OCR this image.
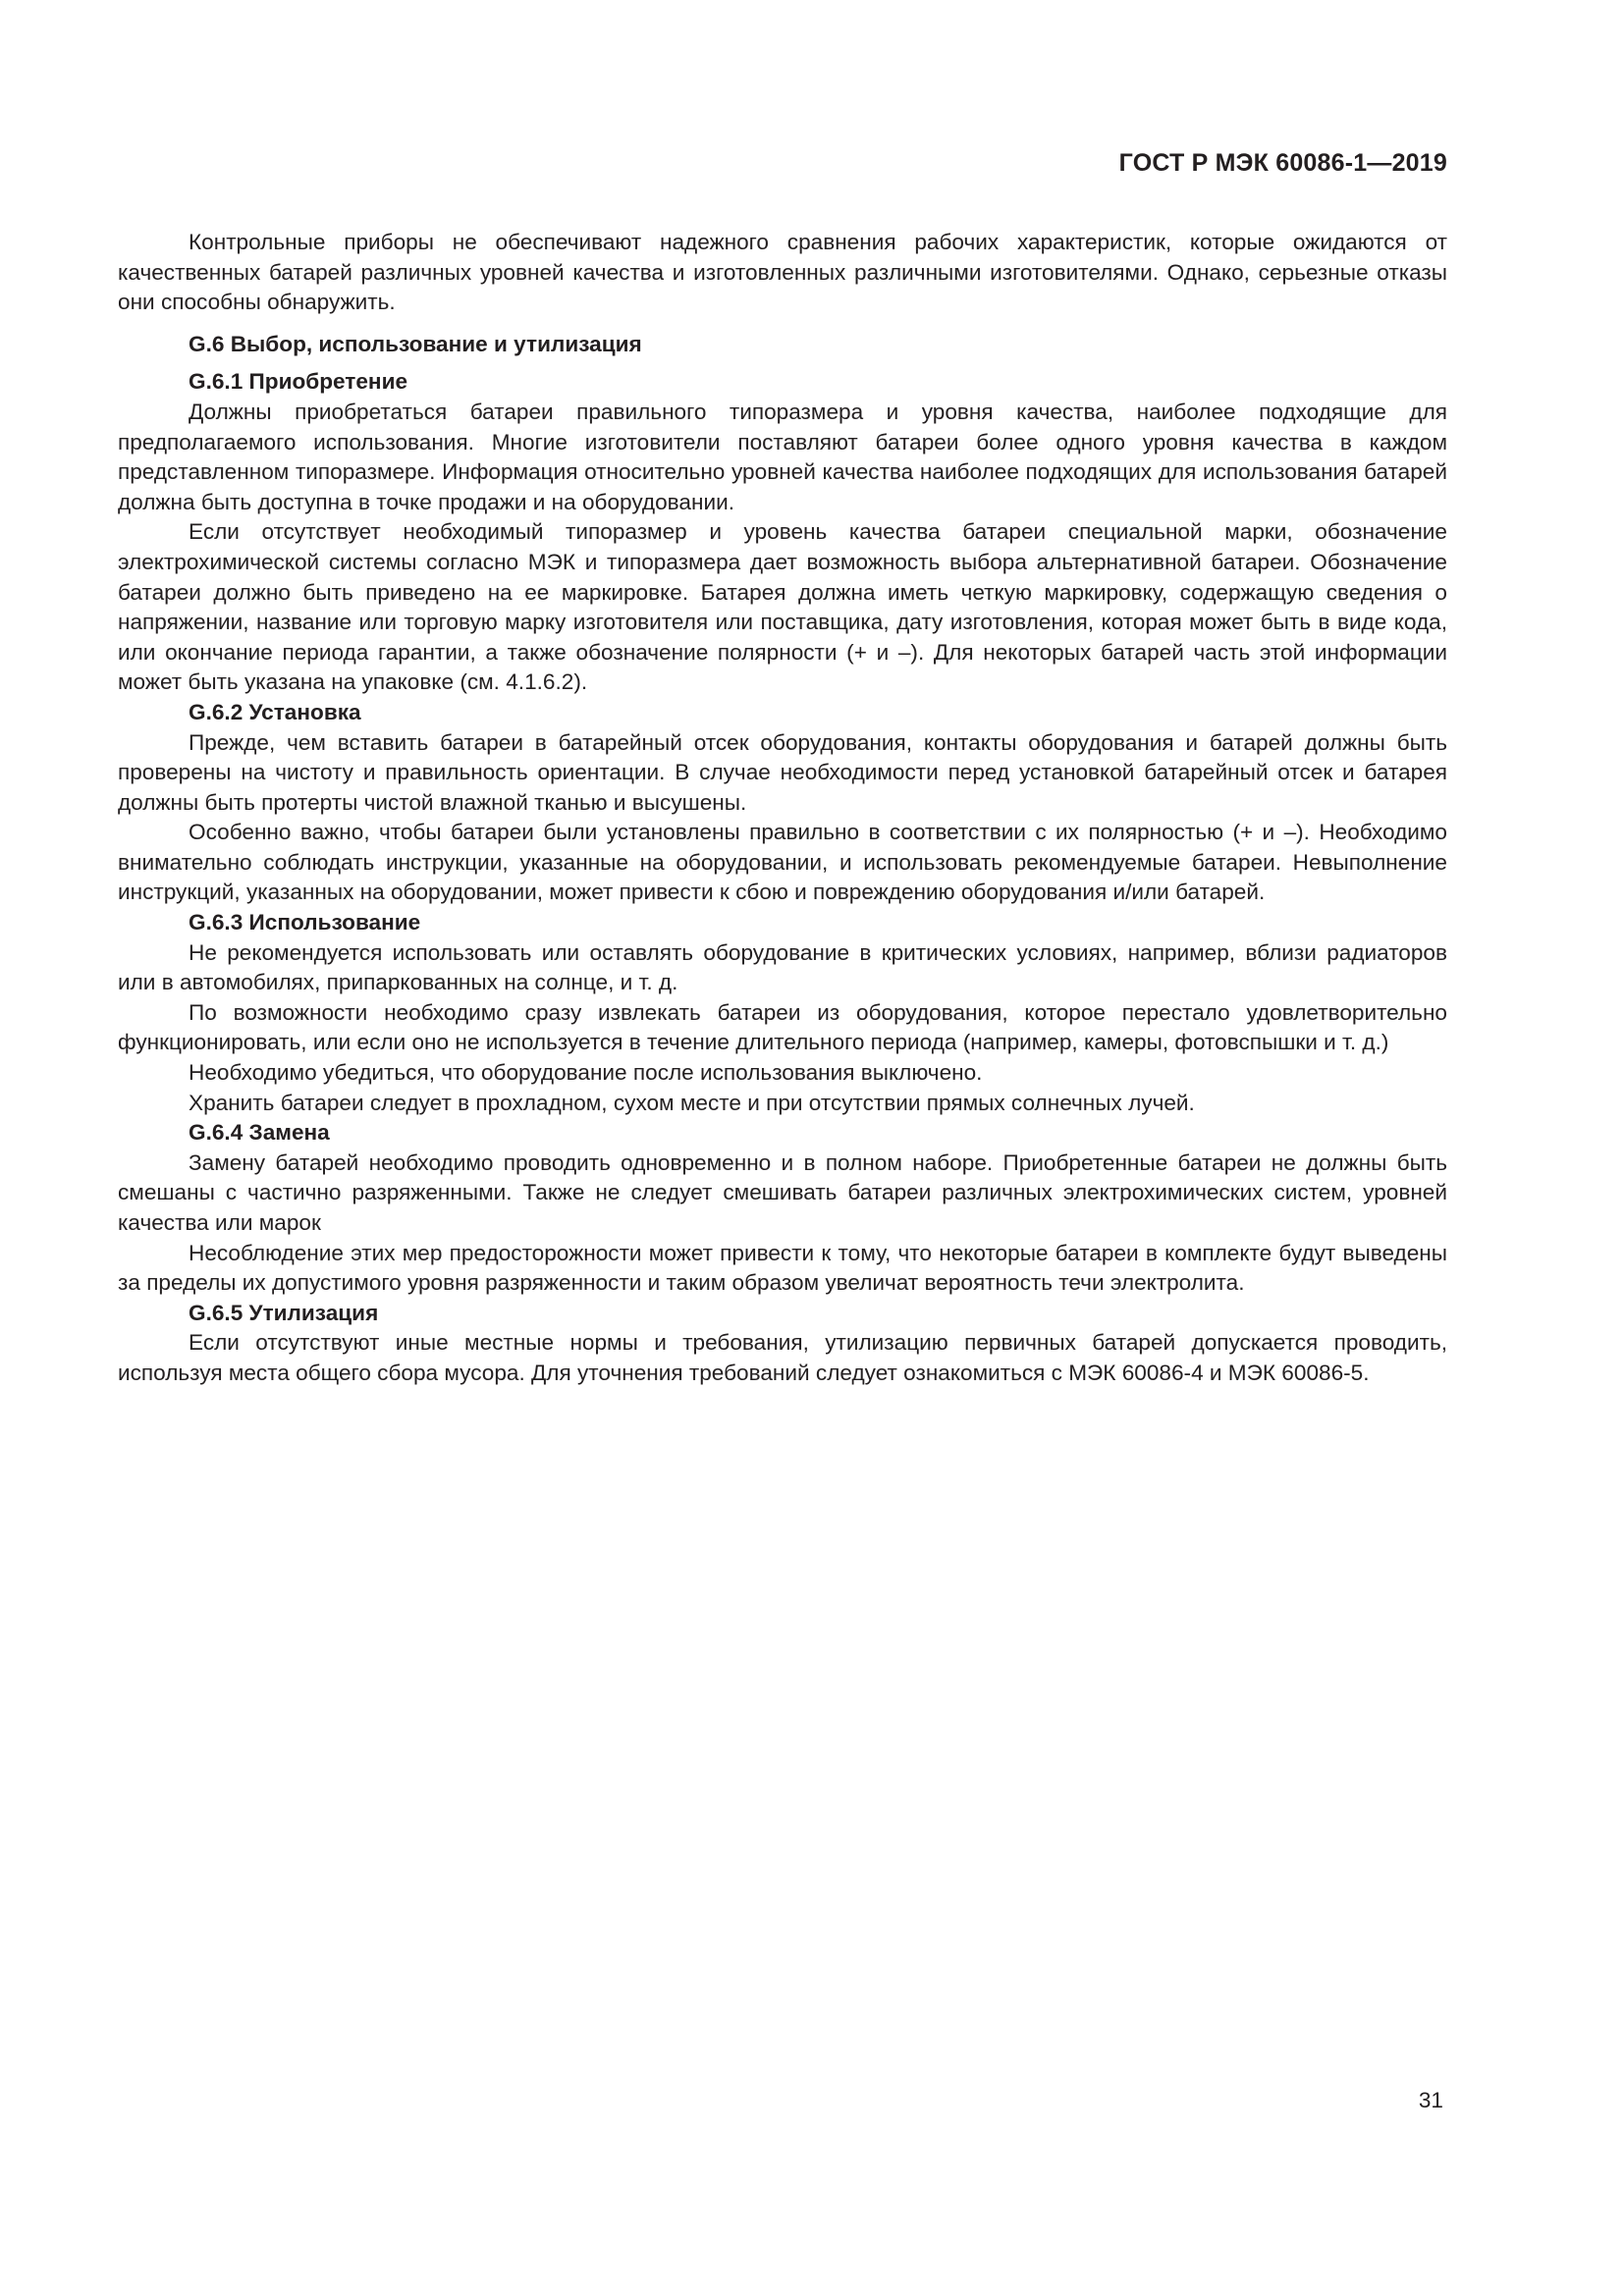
ГОСТ Р МЭК 60086-1—2019

Контрольные приборы не обеспечивают надежного сравнения рабочих характеристик, которые ожидаются от качественных батарей различных уровней качества и изготовленных различными изготовителями. Однако, серьезные отказы они способны обнаружить.

G.6 Выбор, использование и утилизация
G.6.1 Приобретение

Должны приобретаться батареи правильного типоразмера и уровня качества, наиболее подходящие для предполагаемого использования. Многие изготовители поставляют батареи более одного уровня качества в каждом представленном типоразмере. Информация относительно уровней качества наиболее подходящих для использования батарей должна быть доступна в точке продажи и на оборудовании.

Если отсутствует необходимый типоразмер и уровень качества батареи специальной марки, обозначение электрохимической системы согласно МЭК и типоразмера дает возможность выбора альтернативной батареи. Обозначение батареи должно быть приведено на ее маркировке. Батарея должна иметь четкую маркировку, содержащую сведения о напряжении, название или торговую марку изготовителя или поставщика, дату изготовления, которая может быть в виде кода, или окончание периода гарантии, а также обозначение полярности (+ и –). Для некоторых батарей часть этой информации может быть указана на упаковке (см. 4.1.6.2).

G.6.2 Установка

Прежде, чем вставить батареи в батарейный отсек оборудования, контакты оборудования и батарей должны быть проверены на чистоту и правильность ориентации. В случае необходимости перед установкой батарейный отсек и батарея должны быть протерты чистой влажной тканью и высушены.

Особенно важно, чтобы батареи были установлены правильно в соответствии с их полярностью (+ и –). Необходимо внимательно соблюдать инструкции, указанные на оборудовании, и использовать рекомендуемые батареи. Невыполнение инструкций, указанных на оборудовании, может привести к сбою и повреждению оборудования и/или батарей.

G.6.3 Использование

Не рекомендуется использовать или оставлять оборудование в критических условиях, например, вблизи радиаторов или в автомобилях, припаркованных на солнце, и т. д.

По возможности необходимо сразу извлекать батареи из оборудования, которое перестало удовлетворительно функционировать, или если оно не используется в течение длительного периода (например, камеры, фотовспышки и т. д.)

Необходимо убедиться, что оборудование после использования выключено.

Хранить батареи следует в прохладном, сухом месте и при отсутствии прямых солнечных лучей.

G.6.4 Замена

Замену батарей необходимо проводить одновременно и в полном наборе. Приобретенные батареи не должны быть смешаны с частично разряженными. Также не следует смешивать батареи различных электрохимических систем, уровней качества или марок

Несоблюдение этих мер предосторожности может привести к тому, что некоторые батареи в комплекте будут выведены за пределы их допустимого уровня разряженности и таким образом увеличат вероятность течи электролита.

G.6.5 Утилизация

Если отсутствуют иные местные нормы и требования, утилизацию первичных батарей допускается проводить, используя места общего сбора мусора. Для уточнения требований следует ознакомиться с МЭК 60086-4 и МЭК 60086-5.

31
